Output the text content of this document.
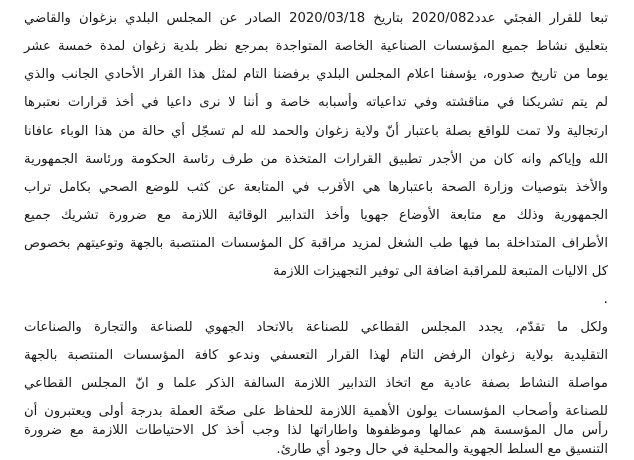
تبعا للقرار الفجئي عدد2020/082 بتاريخ 2020/03/18 الصادر عن المجلس البلدي بزغوان والقاضي
بتعليق نشاط جميع المؤسسات الصناعية الخاصة المتواجدة بمرجع نظر بلدية زغوان لمدة خمسة عشر
يوما من تاريخ صدوره، يؤسفنا اعلام المجلس البلدي برفضنا التام لمثل هذا القرار الأحادي الجانب والذي
لم يتم تشريكنا في مناقشته وفي تداعياته وأسبابه خاصة و أننا لا نرى داعيا في أخذ قرارات نعتبرها
ارتجالية ولا تمت للواقع بصلة باعتبار أنّ ولاية زغوان والحمد لله لم تسجّل أي حالة من هذا الوباء عافانا
الله وإياكم وانه كان من الأجدر تطبيق القرارات المتخذة من طرف رئاسة الحكومة ورئاسة الجمهورية
والأخذ بتوصيات وزارة الصحة باعتبارها هي الأقرب في المتابعة عن كثب للوضع الصحي بكامل تراب
الجمهورية وذلك مع متابعة الأوضاع جهويا وأخذ التدابير الوقائية اللازمة مع ضرورة تشريك جميع
الأطراف المتداخلة بما فيها طب الشغل لمزيد مراقبة كل المؤسسات المنتصبة بالجهة وتوعيتهم بخصوص
كل الاليات المتبعة للمراقبة اضافة الى توفير التجهيزات اللازمة
.
ولكل ما تقدّم، يجدد المجلس القطاعي للصناعة بالاتحاد الجهوي للصناعة والتجارة والصناعات
التقليدية بولاية زغوان الرفض التام لهذا القرار التعسفي وندعو كافة المؤسسات المنتصبة بالجهة
مواصلة النشاط بصفة عادية مع اتخاذ التدابير اللازمة السالفة الذكر علما و انّ المجلس القطاعي
للصناعة وأصحاب المؤسسات يولون الأهمية اللازمة للحفاظ على صحّة العملة بدرجة أولى ويعتبرون أن
رأس مال المؤسسة هم عمالها وموظفوها واطاراتها لذا وجب أخذ كل الاحتياطات اللازمة مع ضرورة
التنسيق مع السلط الجهوية والمحلية في حال وجود أي طارئ.
